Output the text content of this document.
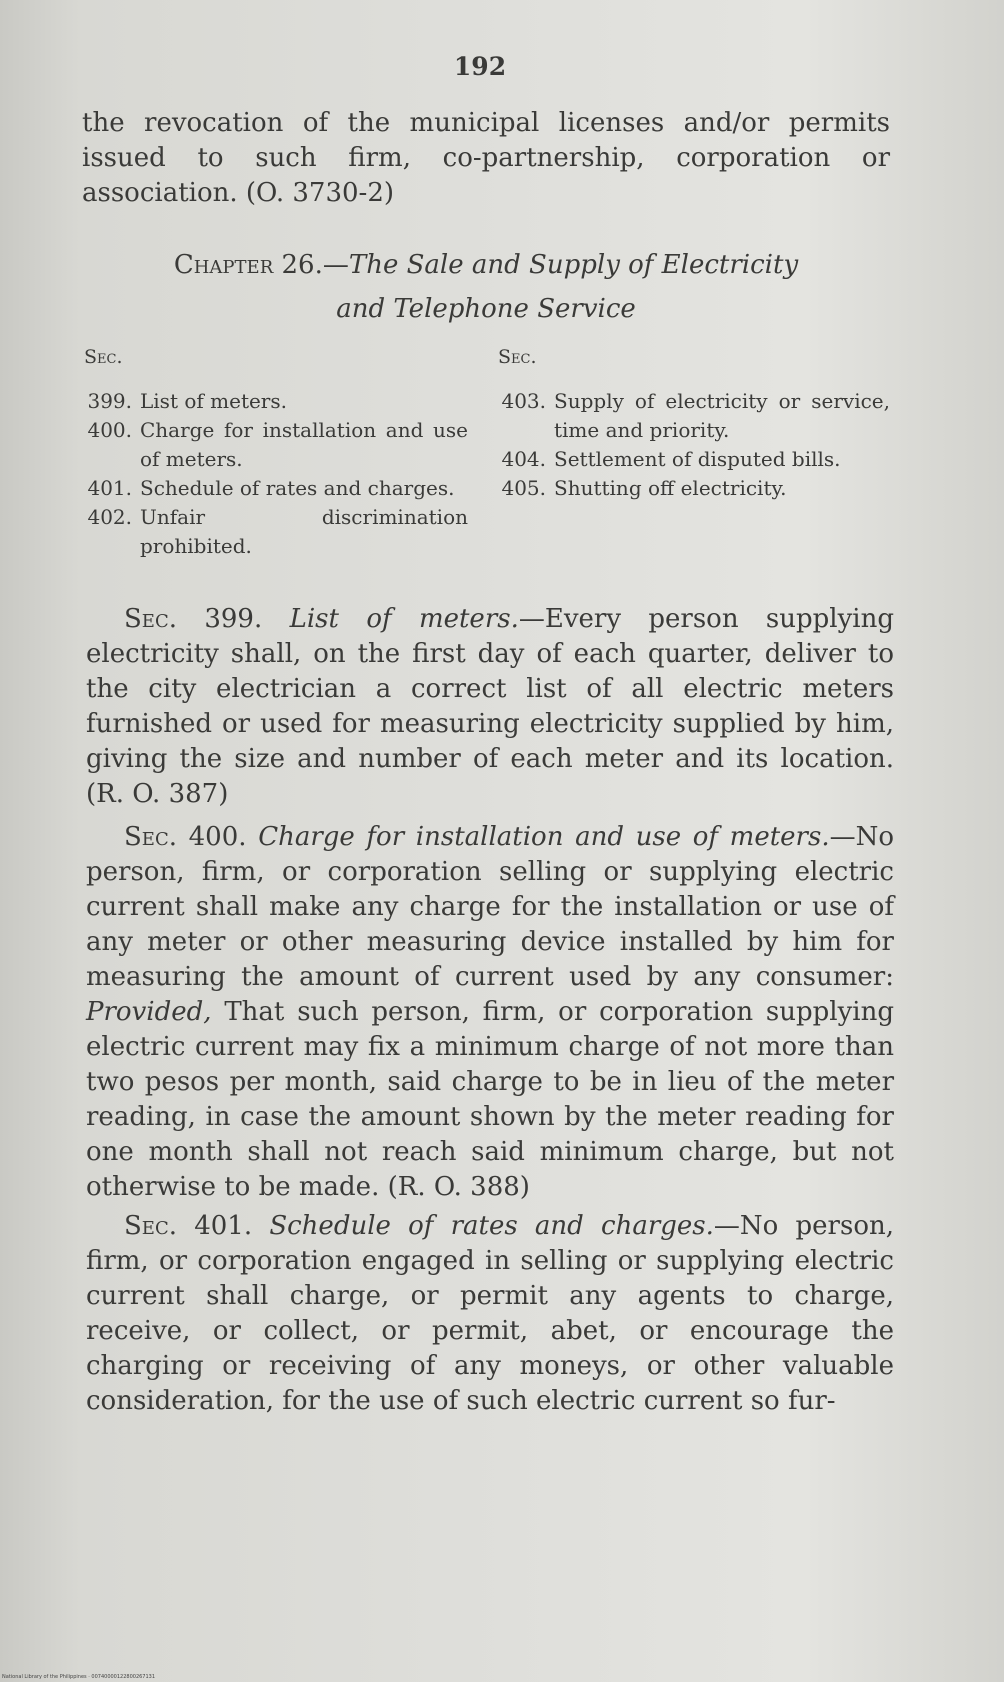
192
the revocation of the municipal licenses and/or permits issued to such firm, co-partnership, corporation or association. (O. 3730-2)
Chapter 26.—The Sale and Supply of Electricity
and Telephone Service
Sec.
399. List of meters.
400. Charge for installation and use of meters.
401. Schedule of rates and charges.
402. Unfair discrimination prohibited.
Sec.
403. Supply of electricity or service, time and priority.
404. Settlement of disputed bills.
405. Shutting off electricity.
Sec. 399. List of meters.—Every person supplying electricity shall, on the first day of each quarter, deliver to the city electrician a correct list of all electric meters furnished or used for measuring electricity supplied by him, giving the size and number of each meter and its location. (R. O. 387)
Sec. 400. Charge for installation and use of meters.—No person, firm, or corporation selling or supplying electric current shall make any charge for the installation or use of any meter or other measuring device installed by him for measuring the amount of current used by any consumer: Provided, That such person, firm, or corporation supplying electric current may fix a minimum charge of not more than two pesos per month, said charge to be in lieu of the meter reading, in case the amount shown by the meter reading for one month shall not reach said minimum charge, but not otherwise to be made. (R. O. 388)
Sec. 401. Schedule of rates and charges.—No person, firm, or corporation engaged in selling or supplying electric current shall charge, or permit any agents to charge, receive, or collect, or permit, abet, or encourage the charging or receiving of any moneys, or other valuable consideration, for the use of such electric current so fur-
National Library of the Philippines · 00740000122800267131
